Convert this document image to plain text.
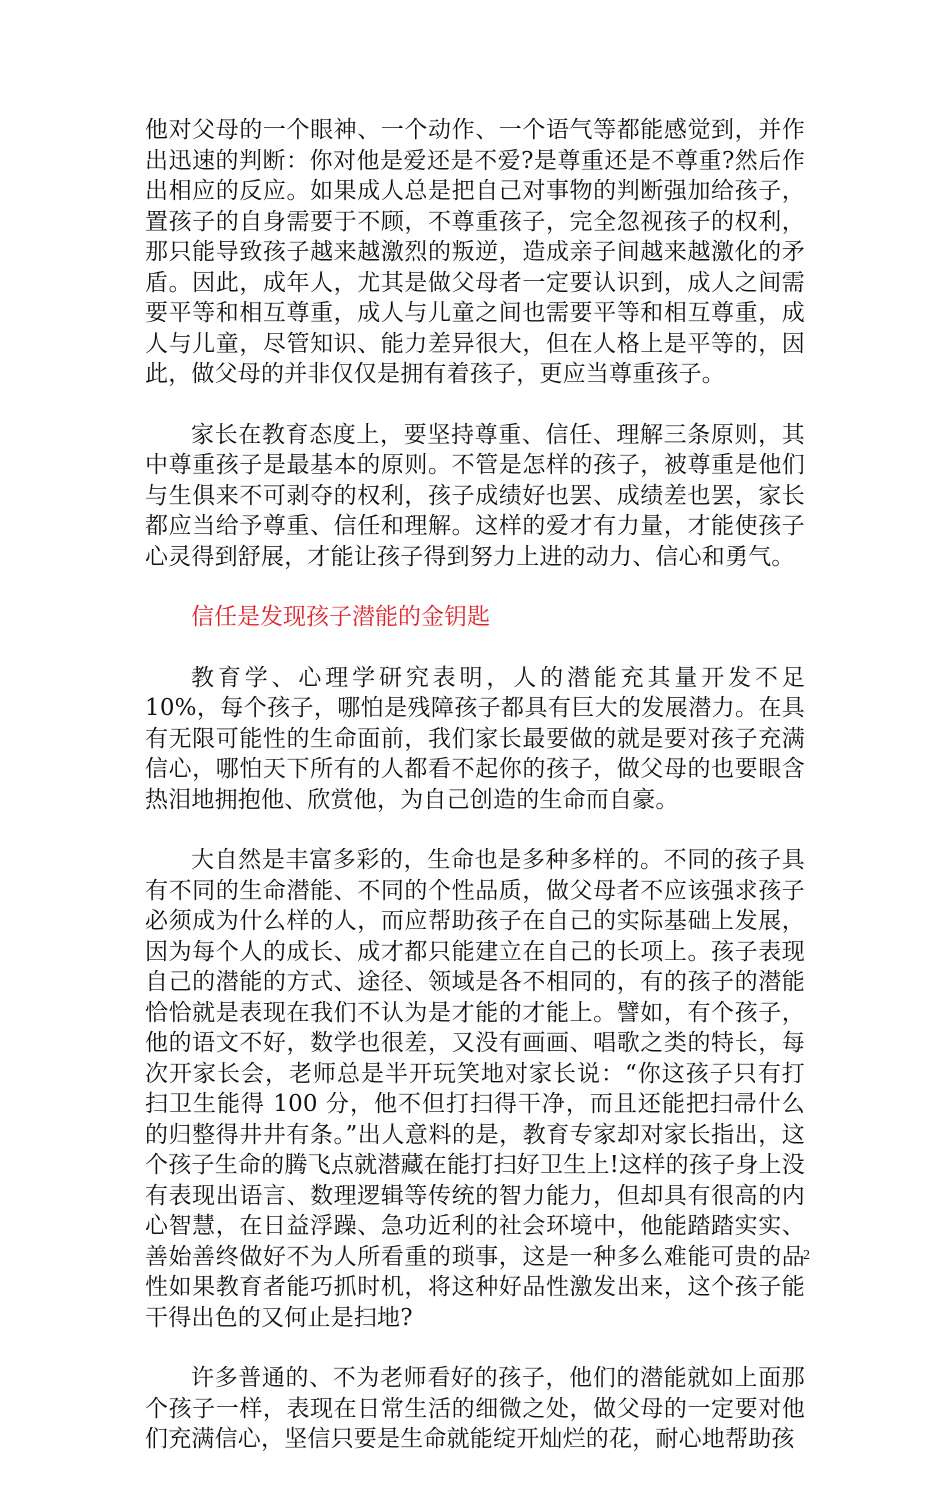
他对父母的一个眼神、一个动作、一个语气等都能感觉到，并作出迅速的判断：你对他是爱还是不爱?是尊重还是不尊重?然后作出相应的反应。如果成人总是把自己对事物的判断强加给孩子，置孩子的自身需要于不顾，不尊重孩子，完全忽视孩子的权利，那只能导致孩子越来越激烈的叛逆，造成亲子间越来越激化的矛盾。因此，成年人，尤其是做父母者一定要认识到，成人之间需要平等和相互尊重，成人与儿童之间也需要平等和相互尊重，成人与儿童，尽管知识、能力差异很大，但在人格上是平等的，因此，做父母的并非仅仅是拥有着孩子，更应当尊重孩子。

家长在教育态度上，要坚持尊重、信任、理解三条原则，其中尊重孩子是最基本的原则。不管是怎样的孩子，被尊重是他们与生俱来不可剥夺的权利，孩子成绩好也罢、成绩差也罢，家长都应当给予尊重、信任和理解。这样的爱才有力量，才能使孩子心灵得到舒展，才能让孩子得到努力上进的动力、信心和勇气。

信任是发现孩子潜能的金钥匙

教育学、心理学研究表明，人的潜能充其量开发不足 10%，每个孩子，哪怕是残障孩子都具有巨大的发展潜力。在具有无限可能性的生命面前，我们家长最要做的就是要对孩子充满信心，哪怕天下所有的人都看不起你的孩子，做父母的也要眼含热泪地拥抱他、欣赏他，为自己创造的生命而自豪。

大自然是丰富多彩的，生命也是多种多样的。不同的孩子具有不同的生命潜能、不同的个性品质，做父母者不应该强求孩子必须成为什么样的人，而应帮助孩子在自己的实际基础上发展，因为每个人的成长、成才都只能建立在自己的长项上。孩子表现自己的潜能的方式、途径、领域是各不相同的，有的孩子的潜能恰恰就是表现在我们不认为是才能的才能上。譬如，有个孩子，他的语文不好，数学也很差，又没有画画、唱歌之类的特长，每次开家长会，老师总是半开玩笑地对家长说：“你这孩子只有打扫卫生能得 100 分，他不但打扫得干净，而且还能把扫帚什么的归整得井井有条。”出人意料的是，教育专家却对家长指出，这个孩子生命的腾飞点就潜藏在能打扫好卫生上!这样的孩子身上没有表现出语言、数理逻辑等传统的智力能力，但却具有很高的内心智慧，在日益浮躁、急功近利的社会环境中，他能踏踏实实、善始善终做好不为人所看重的琐事，这是一种多么难能可贵的品性如果教育者能巧抓时机，将这种好品性激发出来，这个孩子能干得出色的又何止是扫地?

许多普通的、不为老师看好的孩子，他们的潜能就如上面那个孩子一样，表现在日常生活的细微之处，做父母的一定要对他们充满信心，坚信只要是生命就能绽开灿烂的花，耐心地帮助孩

2
